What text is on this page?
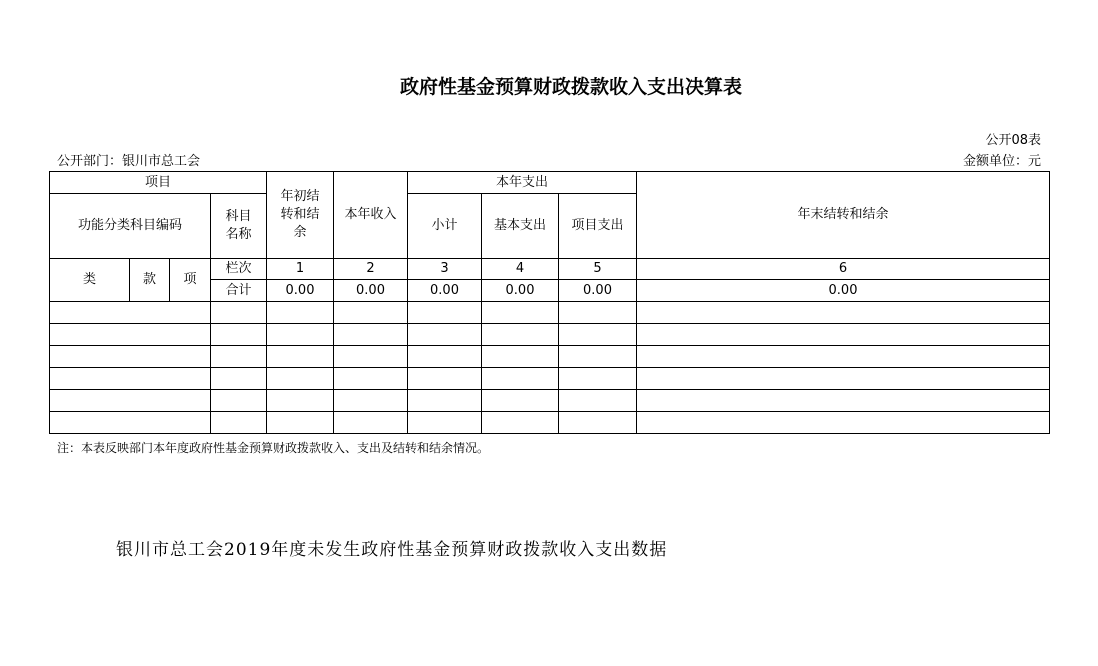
政府性基金预算财政拨款收入支出决算表
公开08表
公开部门：银川市总工会	金额单位：元
项目				年初结转和结余	本年收入	本年支出			年末结转和结余
功能分类科目编码			科目名称			小计	基本支出	项目支出	
类	款	项	栏次	1	2	3	4	5	6
			合计	0.00	0.00	0.00	0.00	0.00	0.00

注：本表反映部门本年度政府性基金预算财政拨款收入、支出及结转和结余情况。
银川市总工会2019年度未发生政府性基金预算财政拨款收入支出数据
